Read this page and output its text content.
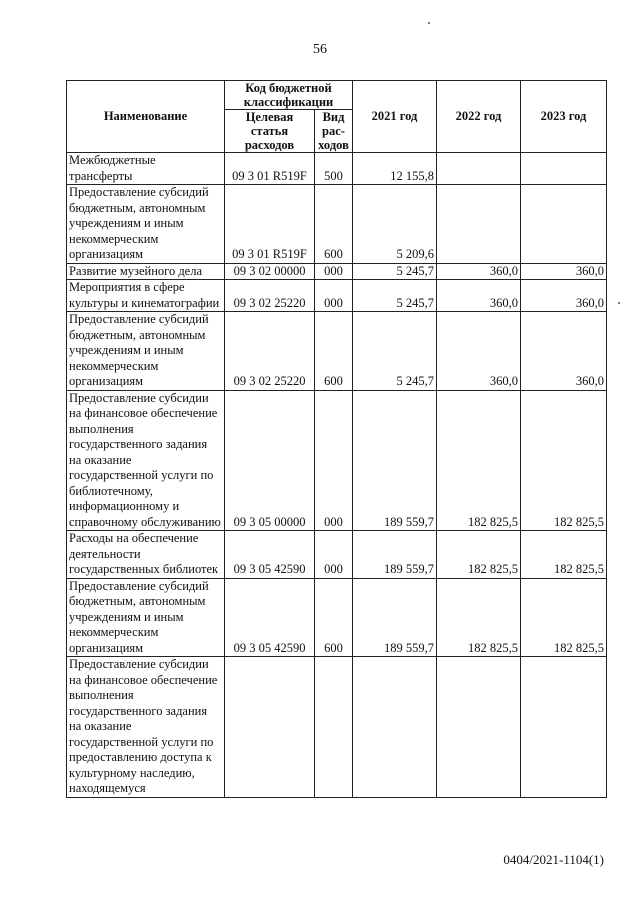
56
Наименование	Код бюджетной классификации		2021 год	2022 год	2023 год
	Целевая статья расходов	Вид рас-ходов			
Межбюджетные трансферты	09 3 01 R519F	500	12 155,8		
Предоставление субсидий бюджетным, автономным учреждениям и иным некоммерческим организациям	09 3 01 R519F	600	5 209,6		
Развитие музейного дела	09 3 02 00000	000	5 245,7	360,0	360,0
Мероприятия в сфере культуры и кинематографии	09 3 02 25220	000	5 245,7	360,0	360,0
Предоставление субсидий бюджетным, автономным учреждениям и иным некоммерческим организациям	09 3 02 25220	600	5 245,7	360,0	360,0
Предоставление субсидии на финансовое обеспечение выполнения государственного задания на оказание государственной услуги по библиотечному, информационному и справочному обслуживанию	09 3 05 00000	000	189 559,7	182 825,5	182 825,5
Расходы на обеспечение деятельности государственных библиотек	09 3 05 42590	000	189 559,7	182 825,5	182 825,5
Предоставление субсидий бюджетным, автономным учреждениям и иным некоммерческим организациям	09 3 05 42590	600	189 559,7	182 825,5	182 825,5
Предоставление субсидии на финансовое обеспечение выполнения государственного задания на оказание государственной услуги по предоставлению доступа к культурному наследию, находящемуся					
0404/2021-1104(1)
